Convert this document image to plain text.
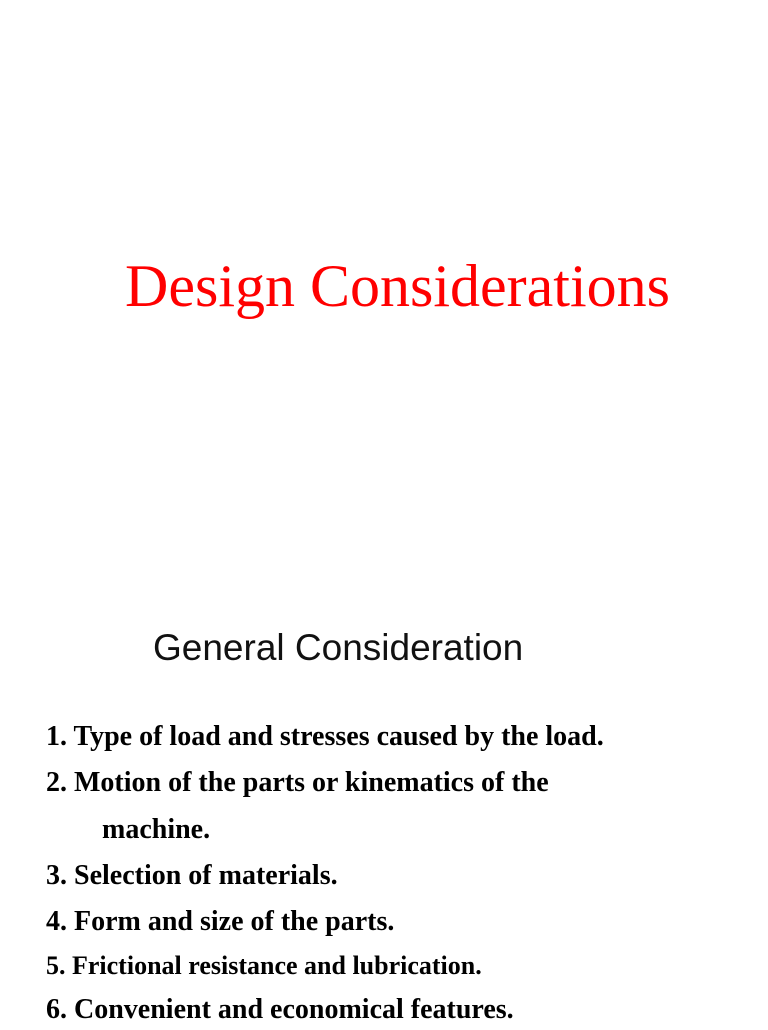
Design Considerations
General Consideration
1. Type of load and stresses caused by the load.
2. Motion of the parts or kinematics of the
machine.
3. Selection of materials.
4. Form and size of the parts.
5. Frictional resistance and lubrication.
6. Convenient and economical features.
